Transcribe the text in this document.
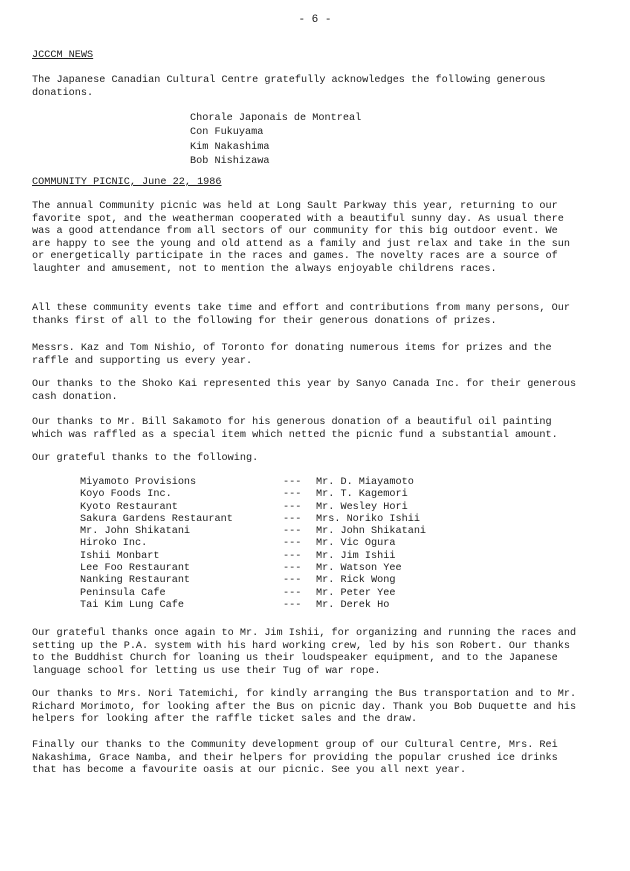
- 6 -
JCCCM NEWS

The Japanese Canadian Cultural Centre gratefully acknowledges the following generous donations.

Chorale Japonais de Montreal
Con Fukuyama
Kim Nakashima
Bob Nishizawa
COMMUNITY PICNIC, June 22, 1986

The annual Community picnic was held at Long Sault Parkway this year, returning to our favorite spot, and the weatherman cooperated with a beautiful sunny day. As usual there was a good attendance from all sectors of our community for this big outdoor event. We are happy to see the young and old attend as a family and just relax and take in the sun or energetically participate in the races and games. The novelty races are a source of laughter and amusement, not to mention the always enjoyable childrens races.

All these community events take time and effort and contributions from many persons, Our thanks first of all to the following for their generous donations of prizes.

Messrs. Kaz and Tom Nishio, of Toronto for donating numerous items for prizes and the raffle and supporting us every year.

Our thanks to the Shoko Kai represented this year by Sanyo Canada Inc. for their generous cash donation.

Our thanks to Mr. Bill Sakamoto for his generous donation of a beautiful oil painting which was raffled as a special item which netted the picnic fund a substantial amount.

Our grateful thanks to the following.

Miyamoto Provisions	--- Mr. D. Miayamoto
Koyo Foods Inc.	--- Mr. T. Kagemori
Kyoto Restaurant	--- Mr. Wesley Hori
Sakura Gardens Restaurant	--- Mrs. Noriko Ishii
Mr. John Shikatani	--- Mr. John Shikatani
Hiroko Inc.	--- Mr. Vic Ogura
Ishii Monbart	--- Mr. Jim Ishii
Lee Foo Restaurant	--- Mr. Watson Yee
Nanking Restaurant	--- Mr. Rick Wong
Peninsula Cafe	--- Mr. Peter Yee
Tai Kim Lung Cafe	--- Mr. Derek Ho

Our grateful thanks once again to Mr. Jim Ishii, for organizing and running the races and setting up the P.A. system with his hard working crew, led by his son Robert. Our thanks to the Buddhist Church for loaning us their loudspeaker equipment, and to the Japanese language school for letting us use their Tug of war rope.

Our thanks to Mrs. Nori Tatemichi, for kindly arranging the Bus transportation and to Mr. Richard Morimoto, for looking after the Bus on picnic day. Thank you Bob Duquette and his helpers for looking after the raffle ticket sales and the draw.

Finally our thanks to the Community development group of our Cultural Centre, Mrs. Rei Nakashima, Grace Namba, and their helpers for providing the popular crushed ice drinks that has become a favourite oasis at our picnic. See you all next year.
